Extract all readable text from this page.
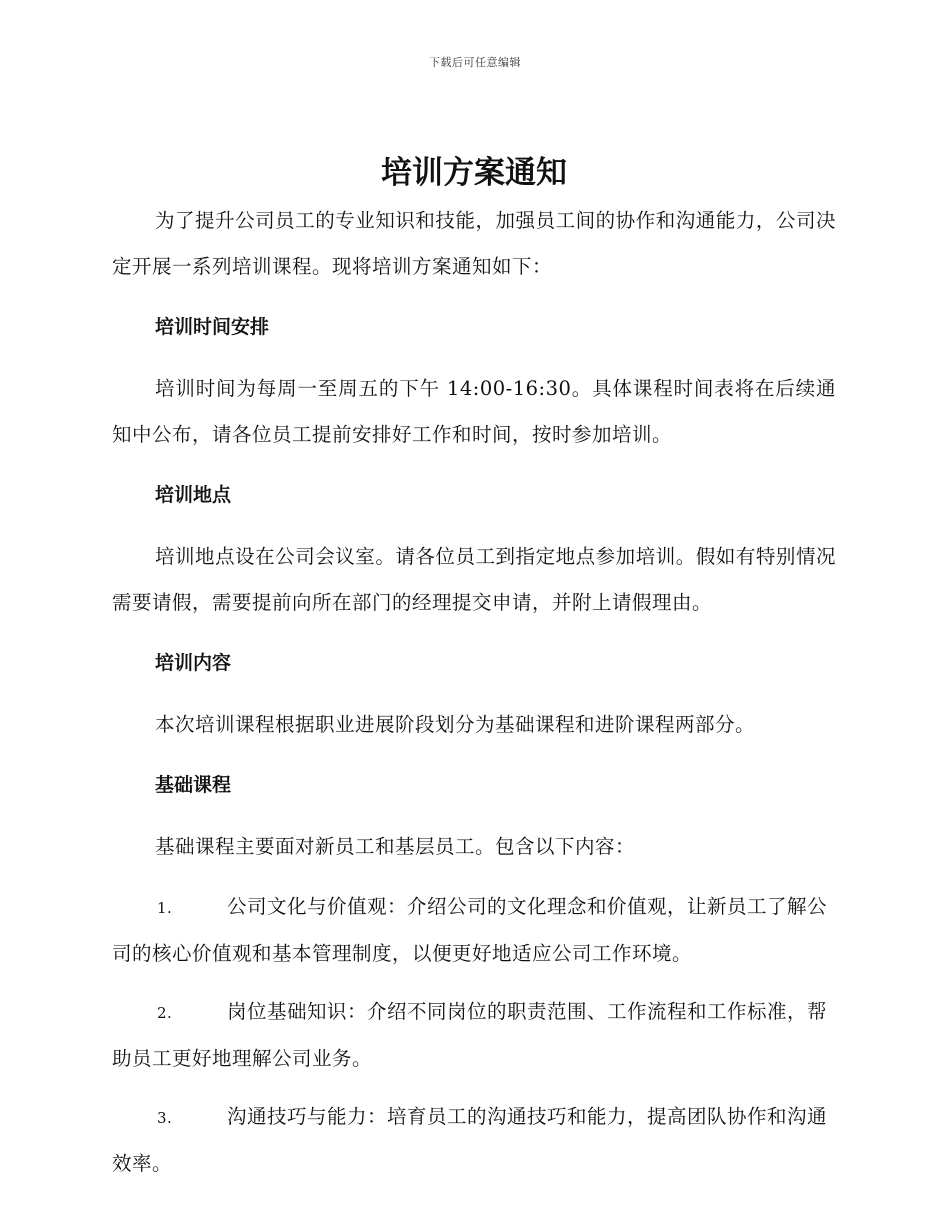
下载后可任意编辑
培训方案通知

为了提升公司员工的专业知识和技能，加强员工间的协作和沟通能力，公司决定开展一系列培训课程。现将培训方案通知如下：

培训时间安排

培训时间为每周一至周五的下午 14:00-16:30。具体课程时间表将在后续通知中公布，请各位员工提前安排好工作和时间，按时参加培训。

培训地点

培训地点设在公司会议室。请各位员工到指定地点参加培训。假如有特别情况需要请假，需要提前向所在部门的经理提交申请，并附上请假理由。

培训内容

本次培训课程根据职业进展阶段划分为基础课程和进阶课程两部分。

基础课程

基础课程主要面对新员工和基层员工。包含以下内容：

1.	公司文化与价值观：介绍公司的文化理念和价值观，让新员工了解公司的核心价值观和基本管理制度，以便更好地适应公司工作环境。

2.	岗位基础知识：介绍不同岗位的职责范围、工作流程和工作标准，帮助员工更好地理解公司业务。

3.	沟通技巧与能力：培育员工的沟通技巧和能力，提高团队协作和沟通效率。
